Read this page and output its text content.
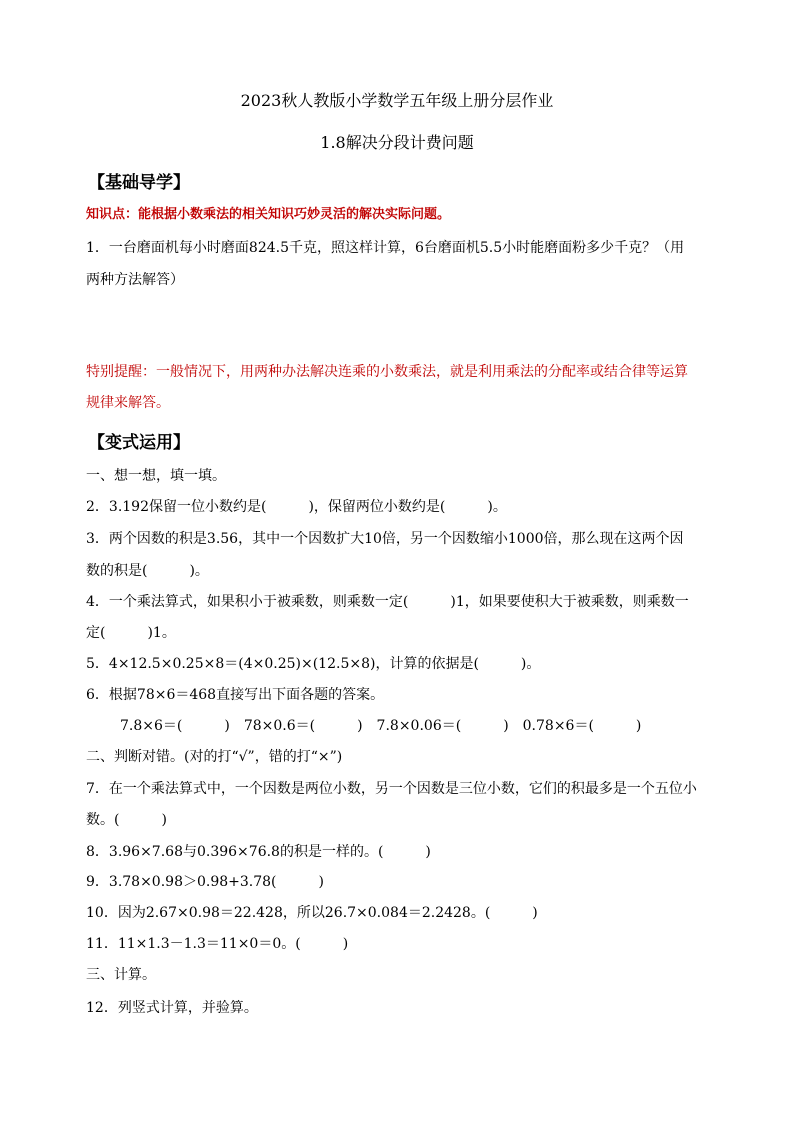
2023秋人教版小学数学五年级上册分层作业
1.8解决分段计费问题
【基础导学】
知识点：能根据小数乘法的相关知识巧妙灵活的解决实际问题。
1．一台磨面机每小时磨面824.5千克，照这样计算，6台磨面机5.5小时能磨面粉多少千克？（用
两种方法解答）
特别提醒：一般情况下，用两种办法解决连乘的小数乘法，就是利用乘法的分配率或结合律等运算
规律来解答。
【变式运用】
一、想一想，填一填。
2．3.192保留一位小数约是(　　　)，保留两位小数约是(　　　)。
3．两个因数的积是3.56，其中一个因数扩大10倍，另一个因数缩小1000倍，那么现在这两个因
数的积是(　　　)。
4．一个乘法算式，如果积小于被乘数，则乘数一定(　　　)1，如果要使积大于被乘数，则乘数一
定(　　　)1。
5．4×12.5×0.25×8＝(4×0.25)×(12.5×8)，计算的依据是(　　　)。
6．根据78×6＝468直接写出下面各题的答案。
7.8×6＝(　　　)　78×0.6＝(　　　)　7.8×0.06＝(　　　)　0.78×6＝(　　　)
二、判断对错。(对的打“√”，错的打“×”)
7．在一个乘法算式中，一个因数是两位小数，另一个因数是三位小数，它们的积最多是一个五位小
数。(　　　)
8．3.96×7.68与0.396×76.8的积是一样的。(　　　)
9．3.78×0.98＞0.98+3.78(　　　)
10．因为2.67×0.98＝22.428，所以26.7×0.084＝2.2428。(　　　)
11．11×1.3－1.3＝11×0＝0。(　　　)
三、计算。
12．列竖式计算，并验算。
